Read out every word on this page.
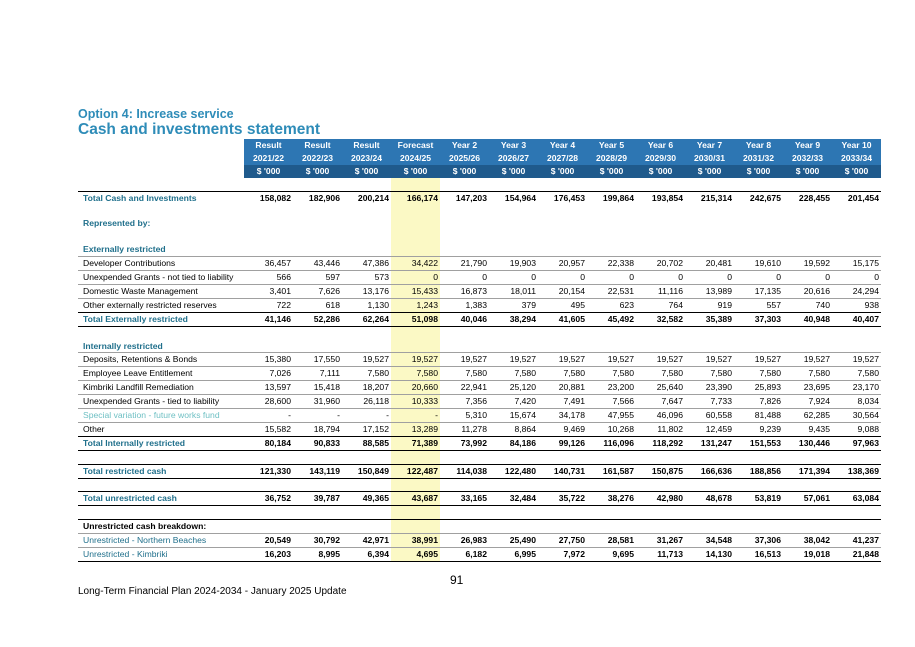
Option 4: Increase service
Cash and investments statement
	Result	Result	Result	Forecast	Year 2	Year 3	Year 4	Year 5	Year 6	Year 7	Year 8	Year 9	Year 10
	2021/22	2022/23	2023/24	2024/25	2025/26	2026/27	2027/28	2028/29	2029/30	2030/31	2031/32	2032/33	2033/34
	$ '000	$ '000	$ '000	$ '000	$ '000	$ '000	$ '000	$ '000	$ '000	$ '000	$ '000	$ '000	$ '000

Total Cash and Investments	158,082	182,906	200,214	166,174	147,203	154,964	176,453	199,864	193,854	215,314	242,675	228,455	201,454

Represented by:													

Externally restricted													
Developer Contributions	36,457	43,446	47,386	34,422	21,790	19,903	20,957	22,338	20,702	20,481	19,610	19,592	15,175
Unexpended Grants - not tied to liability	566	597	573	0	0	0	0	0	0	0	0	0	0
Domestic Waste Management	3,401	7,626	13,176	15,433	16,873	18,011	20,154	22,531	11,116	13,989	17,135	20,616	24,294
Other externally restricted reserves	722	618	1,130	1,243	1,383	379	495	623	764	919	557	740	938
Total Externally restricted	41,146	52,286	62,264	51,098	40,046	38,294	41,605	45,492	32,582	35,389	37,303	40,948	40,407

Internally restricted													
Deposits, Retentions & Bonds	15,380	17,550	19,527	19,527	19,527	19,527	19,527	19,527	19,527	19,527	19,527	19,527	19,527
Employee Leave Entitlement	7,026	7,111	7,580	7,580	7,580	7,580	7,580	7,580	7,580	7,580	7,580	7,580	7,580
Kimbriki Landfill Remediation	13,597	15,418	18,207	20,660	22,941	25,120	20,881	23,200	25,640	23,390	25,893	23,695	23,170
Unexpended Grants - tied to liability	28,600	31,960	26,118	10,333	7,356	7,420	7,491	7,566	7,647	7,733	7,826	7,924	8,034
Special variation - future works fund	-	-	-	-	5,310	15,674	34,178	47,955	46,096	60,558	81,488	62,285	30,564
Other	15,582	18,794	17,152	13,289	11,278	8,864	9,469	10,268	11,802	12,459	9,239	9,435	9,088
Total Internally restricted	80,184	90,833	88,585	71,389	73,992	84,186	99,126	116,096	118,292	131,247	151,553	130,446	97,963

Total restricted cash	121,330	143,119	150,849	122,487	114,038	122,480	140,731	161,587	150,875	166,636	188,856	171,394	138,369

Total unrestricted cash	36,752	39,787	49,365	43,687	33,165	32,484	35,722	38,276	42,980	48,678	53,819	57,061	63,084

Unrestricted cash breakdown:													
Unrestricted - Northern Beaches	20,549	30,792	42,971	38,991	26,983	25,490	27,750	28,581	31,267	34,548	37,306	38,042	41,237
Unrestricted - Kimbriki	16,203	8,995	6,394	4,695	6,182	6,995	7,972	9,695	11,713	14,130	16,513	19,018	21,848
91
Long-Term Financial Plan 2024-2034 - January 2025 Update
